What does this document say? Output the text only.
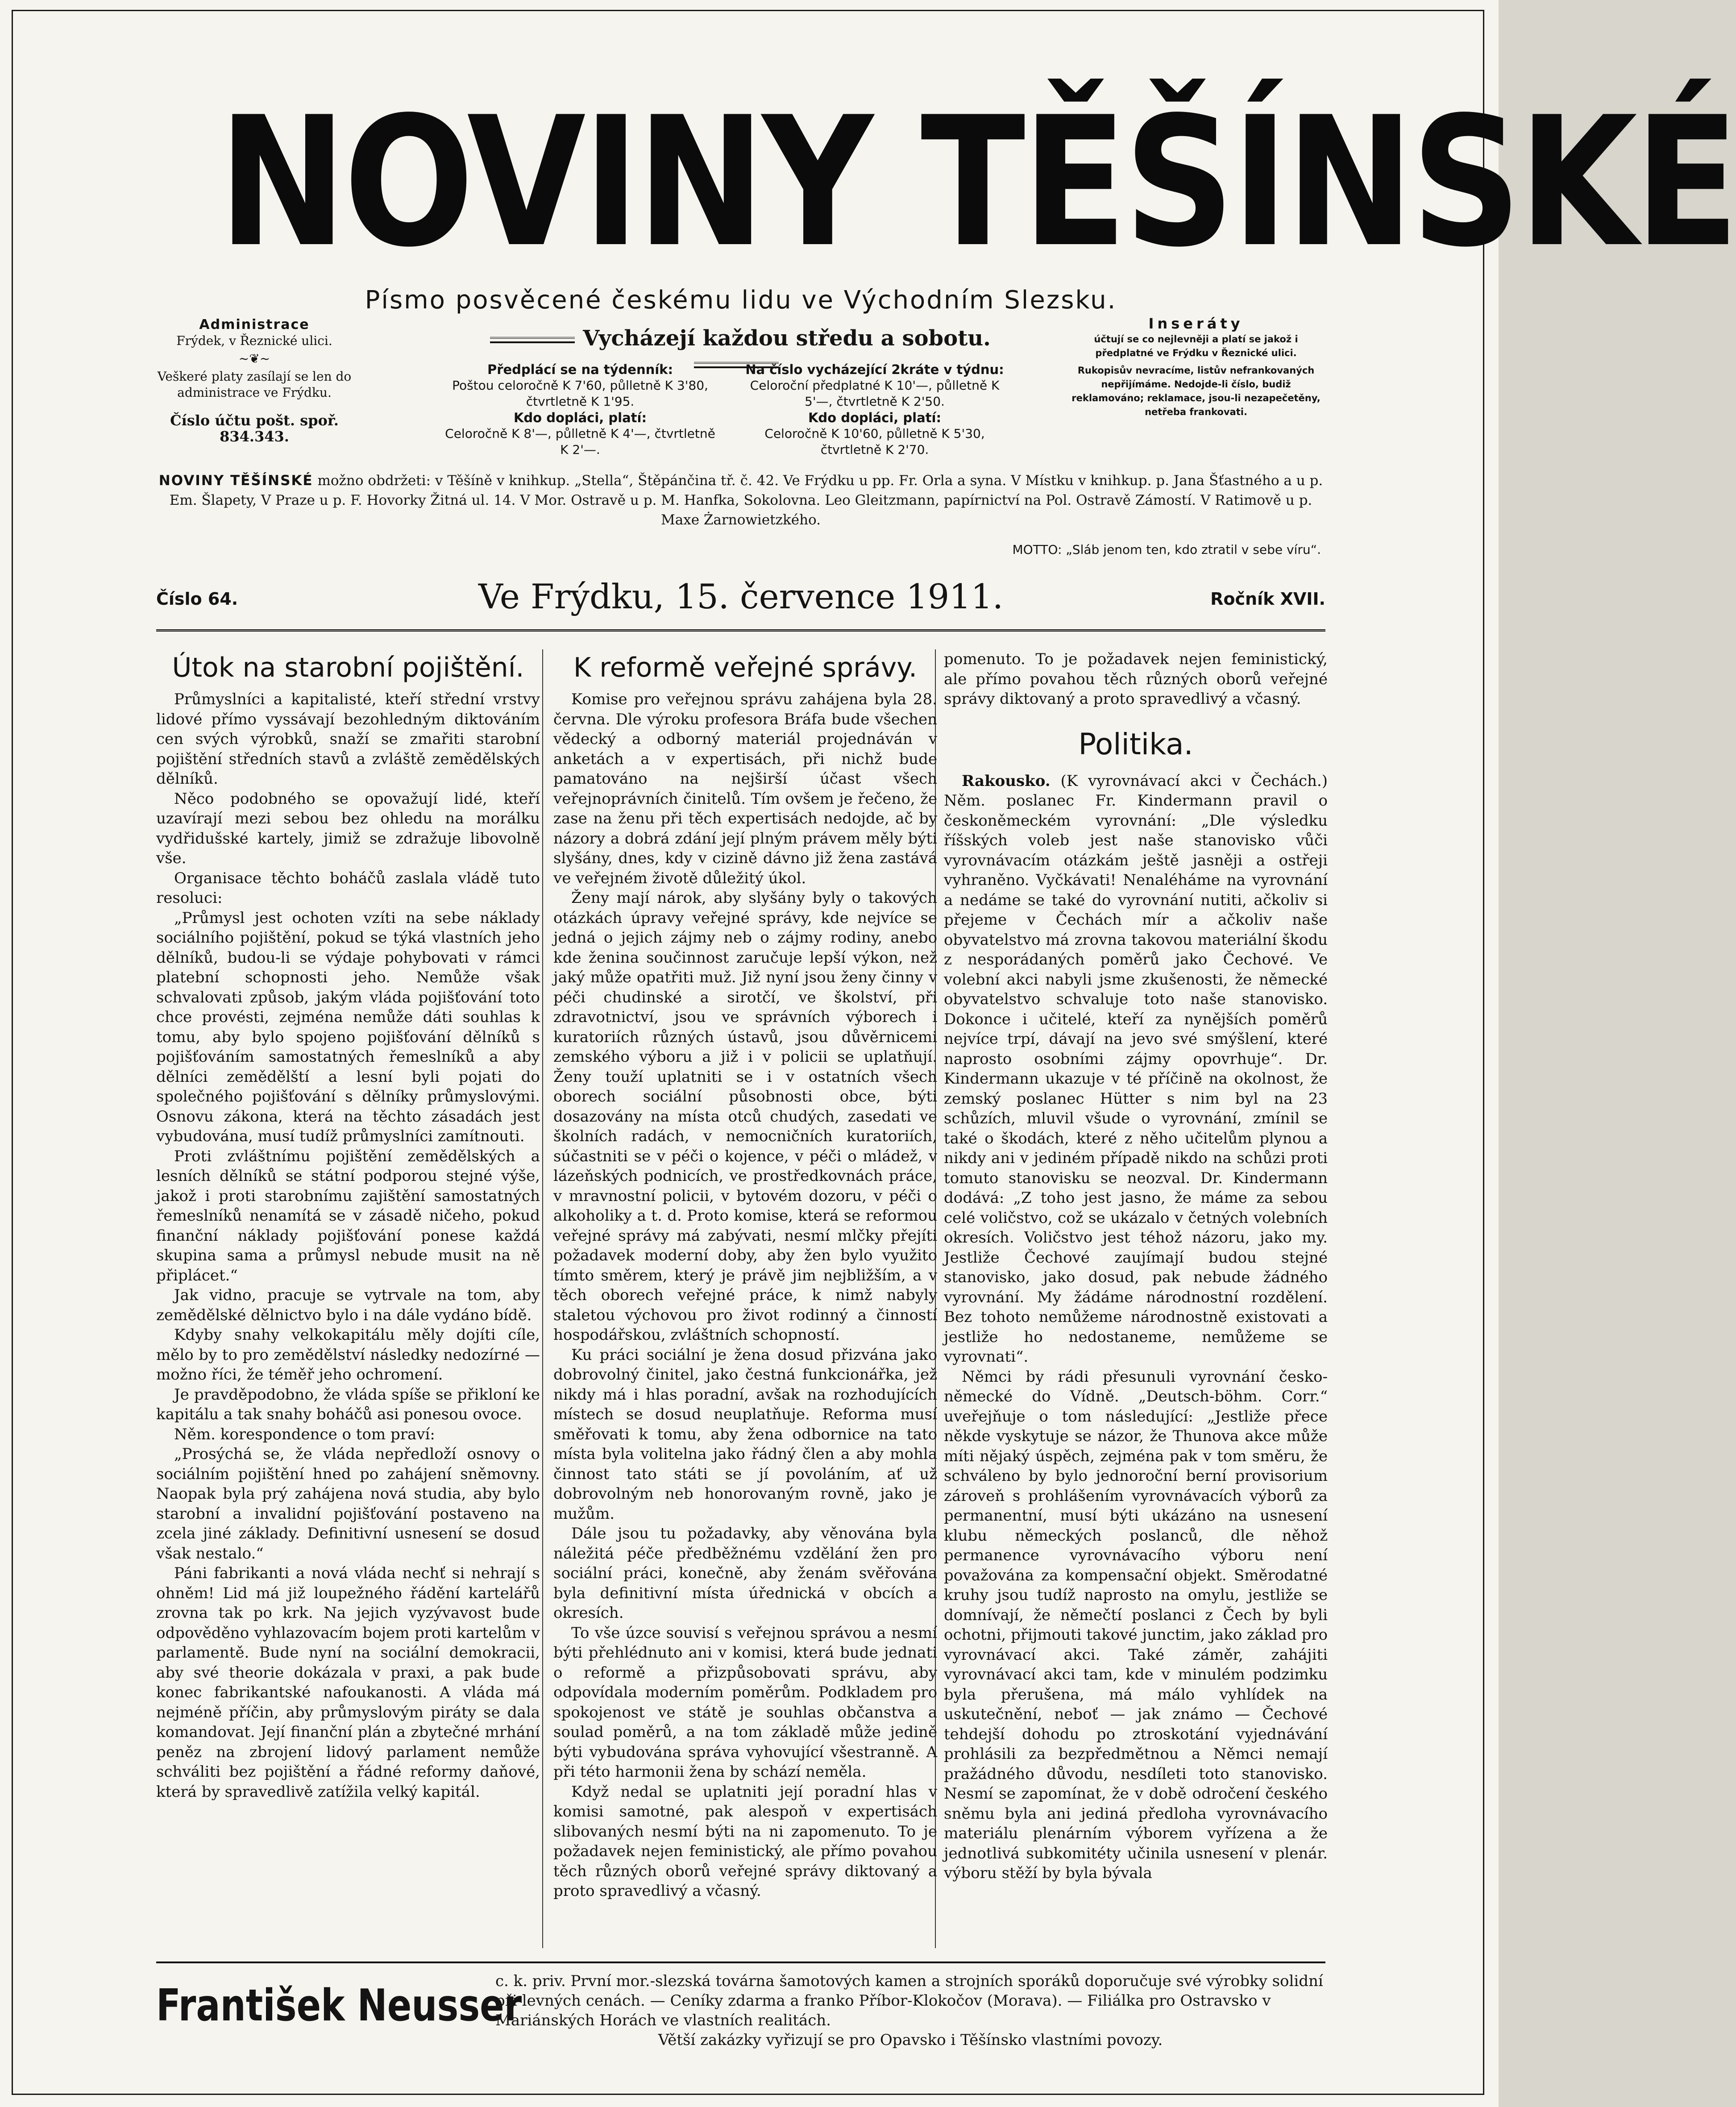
NOVINY TĚŠÍNSKÉ
Písmo posvěcené českému lidu ve Východním Slezsku.
Vycházejí každou středu a sobotu.
Administrace
Frýdek, v Řeznické ulici.
~❦~
Veškeré platy zasílají se len do administrace ve Frýdku.
Číslo účtu pošt. spoř. 834.343.
Předplácí se na týdenník:
Poštou celoročně K 7'60, půlletně K 3'80, čtvrtletně K 1'95.
Kdo dopláci, platí:
Celoročně K 8'—, půlletně K 4'—, čtvrtletně K 2'—.
Na číslo vycházející 2kráte v týdnu:
Celoroční předplatné K 10'—, půlletně K 5'—, čtvrtletně K 2'50.
Kdo dopláci, platí:
Celoročně K 10'60, půlletně K 5'30, čtvrtletně K 2'70.
Inseráty
účtují se co nejlevněji a platí se jakož i předplatné ve Frýdku v Řeznické ulici.
Rukopisův nevracíme, listův nefrankovaných nepřijímáme. Nedojde-li číslo, budiž reklamováno; reklamace, jsou-li nezapečetěny, netřeba frankovati.
NOVINY TĚŠÍNSKÉ možno obdržeti: v Těšíně v knihkup. „Stella“, Štěpánčina tř. č. 42. Ve Frýdku u pp. Fr. Orla a syna. V Místku v knihkup. p. Jana Šťastného a u p. Em. Šlapety, V Praze u p. F. Hovorky Žitná ul. 14. V Mor. Ostravě u p. M. Hanfka, Sokolovna. Leo Gleitzmann, papírnictví na Pol. Ostravě Zámostí. V Ratimově u p. Maxe Żarnowietzkého.
MOTTO: „Sláb jenom ten, kdo ztratil v sebe víru“.
Číslo 64.	Ve Frýdku, 15. července 1911.	Ročník XVII.
Útok na starobní pojištění.

Průmyslníci a kapitalisté, kteří střední vrstvy lidové přímo vyssávají bezohledným diktováním cen svých výrobků, snaží se zmařiti starobní pojištění středních stavů a zvláště zemědělských dělníků.

Něco podobného se opovažují lidé, kteří uzavírají mezi sebou bez ohledu na morálku vydřidušské kartely, jimiž se zdražuje libovolně vše.

Organisace těchto boháčů zaslala vládě tuto resoluci:

„Průmysl jest ochoten vzíti na sebe náklady sociálního pojištění, pokud se týká vlastních jeho dělníků, budou-li se výdaje pohybovati v rámci platební schopnosti jeho. Nemůže však schvalovati způsob, jakým vláda pojišťování toto chce provésti, zejména nemůže dáti souhlas k tomu, aby bylo spojeno pojišťování dělníků s pojišťováním samostatných řemeslníků a aby dělníci zemědělští a lesní byli pojati do společného pojišťování s dělníky průmyslovými. Osnovu zákona, která na těchto zásadách jest vybudována, musí tudíž průmyslníci zamítnouti.

Proti zvláštnímu pojištění zemědělských a lesních dělníků se státní podporou stejné výše, jakož i proti starobnímu zajištění samostatných řemeslníků nenamítá se v zásadě ničeho, pokud finanční náklady pojišťování ponese každá skupina sama a průmysl nebude musit na ně připlácet.“

Jak vidno, pracuje se vytrvale na tom, aby zemědělské dělnictvo bylo i na dále vydáno bídě.

Kdyby snahy velkokapitálu měly dojíti cíle, mělo by to pro zemědělství následky nedozírné — možno říci, že téměř jeho ochromení.

Je pravděpodobno, že vláda spíše se přikloní ke kapitálu a tak snahy boháčů asi ponesou ovoce.

Něm. korespondence o tom praví:

„Prosýchá se, že vláda nepředloží osnovy o sociálním pojištění hned po zahájení sněmovny. Naopak byla prý zahájena nová studia, aby bylo starobní a invalidní pojišťování postaveno na zcela jiné základy. Definitivní usnesení se dosud však nestalo.“

Páni fabrikanti a nová vláda nechť si nehrají s ohněm! Lid má již loupežného řádění kartelářů zrovna tak po krk. Na jejich vyzývavost bude odpověděno vyhlazovacím bojem proti kartelům v parlamentě. Bude nyní na sociální demokracii, aby své theorie dokázala v praxi, a pak bude konec fabrikantské nafoukanosti. A vláda má nejméně příčin, aby průmyslovým piráty se dala komandovat. Její finanční plán a zbytečné mrhání peněz na zbrojení lidový parlament nemůže schváliti bez pojištění a řádné reformy daňové, která by spravedlivě zatížila velký kapitál.

K reformě veřejné správy.

Komise pro veřejnou správu zahájena byla 28. června. Dle výroku profesora Bráfa bude všechen vědecký a odborný materiál projednáván v anketách a v expertisách, při nichž bude pamatováno na nejširší účast všech veřejnoprávních činitelů. Tím ovšem je řečeno, že zase na ženu při těch expertisách nedojde, ač by názory a dobrá zdání její plným právem měly býti slyšány, dnes, kdy v cizině dávno již žena zastává ve veřejném životě důležitý úkol.

Ženy mají nárok, aby slyšány byly o takových otázkách úpravy veřejné správy, kde nejvíce se jedná o jejich zájmy neb o zájmy rodiny, anebo kde ženina součinnost zaručuje lepší výkon, než jaký může opatřiti muž. Již nyní jsou ženy činny v péči chudinské a sirotčí, ve školství, při zdravotnictví, jsou ve správních výborech i kuratoriích různých ústavů, jsou důvěrnicemi zemského výboru a již i v policii se uplatňují. Ženy touží uplatniti se i v ostatních všech oborech sociální působnosti obce, býti dosazovány na místa otců chudých, zasedati ve školních radách, v nemocničních kuratoriích, súčastniti se v péči o kojence, v péči o mládež, v lázeňských podnicích, ve prostředkovnách práce, v mravnostní policii, v bytovém dozoru, v péči o alkoholiky a t. d. Proto komise, která se reformou veřejné správy má zabývati, nesmí mlčky přejíti požadavek moderní doby, aby žen bylo využito tímto směrem, který je právě jim nejbližším, a v těch oborech veřejné práce, k nimž nabyly staletou výchovou pro život rodinný a činností hospodářskou, zvláštních schopností.

Ku práci sociální je žena dosud přizvána jako dobrovolný činitel, jako čestná funkcionářka, jež nikdy má i hlas poradní, avšak na rozhodujících místech se dosud neuplatňuje. Reforma musí směřovati k tomu, aby žena odbornice na tato místa byla volitelna jako řádný člen a aby mohla činnost tato státi se jí povoláním, ať už dobrovolným neb honorovaným rovně, jako je mužům.

Dále jsou tu požadavky, aby věnována byla náležitá péče předběžnému vzdělání žen pro sociální práci, konečně, aby ženám svěřována byla definitivní místa úřednická v obcích a okresích.

To vše úzce souvisí s veřejnou správou a nesmí býti přehlédnuto ani v komisi, která bude jednati o reformě a přizpůsobovati správu, aby odpovídala moderním poměrům. Podkladem pro spokojenost ve státě je souhlas občanstva a soulad poměrů, a na tom základě může jedině býti vybudována správa vyhovující všestranně. A při této harmonii žena by schází neměla.

Když nedal se uplatniti její poradní hlas v komisi samotné, pak alespoň v expertisách slibovaných nesmí býti na ni zapomenuto. To je požadavek nejen feministický, ale přímo povahou těch různých oborů veřejné správy diktovaný a proto spravedlivý a včasný.

pomenuto. To je požadavek nejen feministický, ale přímo povahou těch různých oborů veřejné správy diktovaný a proto spravedlivý a včasný.

Politika.

Rakousko. (K vyrovnávací akci v Čechách.) Něm. poslanec Fr. Kindermann pravil o českoněmeckém vyrovnání: „Dle výsledku říšských voleb jest naše stanovisko vůči vyrovnávacím otázkám ještě jasněji a ostřeji vyhraněno. Vyčkávati! Nenaléháme na vyrovnání a nedáme se také do vyrovnání nutiti, ačkoliv si přejeme v Čechách mír a ačkoliv naše obyvatelstvo má zrovna takovou materiální škodu z nesporádaných poměrů jako Čechové. Ve volební akci nabyli jsme zkušenosti, že německé obyvatelstvo schvaluje toto naše stanovisko. Dokonce i učitelé, kteří za nynějších poměrů nejvíce trpí, dávají na jevo své smýšlení, které naprosto osobními zájmy opovrhuje“. Dr. Kindermann ukazuje v té příčině na okolnost, že zemský poslanec Hütter s nim byl na 23 schůzích, mluvil všude o vyrovnání, zmínil se také o škodách, které z něho učitelům plynou a nikdy ani v jediném případě nikdo na schůzi proti tomuto stanovisku se neozval. Dr. Kindermann dodává: „Z toho jest jasno, že máme za sebou celé voličstvo, což se ukázalo v četných volebních okresích. Voličstvo jest téhož názoru, jako my. Jestliže Čechové zaujímají budou stejné stanovisko, jako dosud, pak nebude žádného vyrovnání. My žádáme národnostní rozdělení. Bez tohoto nemůžeme národnostně existovati a jestliže ho nedostaneme, nemůžeme se vyrovnati“.

Němci by rádi přesunuli vyrovnání česko-německé do Vídně. „Deutsch-böhm. Corr.“ uveřejňuje o tom následující: „Jestliže přece někde vyskytuje se názor, že Thunova akce může míti nějaký úspěch, zejména pak v tom směru, že schváleno by bylo jednoroční berní provisorium zároveň s prohlášením vyrovnávacích výborů za permanentní, musí býti ukázáno na usnesení klubu německých poslanců, dle něhož permanence vyrovnávacího výboru není považována za kompensační objekt. Směrodatné kruhy jsou tudíž naprosto na omylu, jestliže se domnívají, že němečtí poslanci z Čech by byli ochotni, přijmouti takové junctim, jako základ pro vyrovnávací akci. Také záměr, zahájiti vyrovnávací akci tam, kde v minulém podzimku byla přerušena, má málo vyhlídek na uskutečnění, neboť — jak známo — Čechové tehdejší dohodu po ztroskotání vyjednávání prohlásili za bezpředmětnou a Němci nemají pražádného důvodu, nesdíleti toto stanovisko. Nesmí se zapomínat, že v době odročení českého sněmu byla ani jediná předloha vyrovnávacího materiálu plenárním výborem vyřízena a že jednotlivá subkomitéty učinila usnesení v plenár. výboru stěží by byla bývala

František Neusser
c. k. priv. První mor.-slezská továrna šamotových kamen a strojních sporáků doporučuje své výrobky solidní při levných cenách. — Ceníky zdarma a franko Příbor-Klokočov (Morava). — Filiálka pro Ostravsko v Mariánských Horách ve vlastních realitách.
Větší zakázky vyřizují se pro Opavsko i Těšínsko vlastními povozy.
